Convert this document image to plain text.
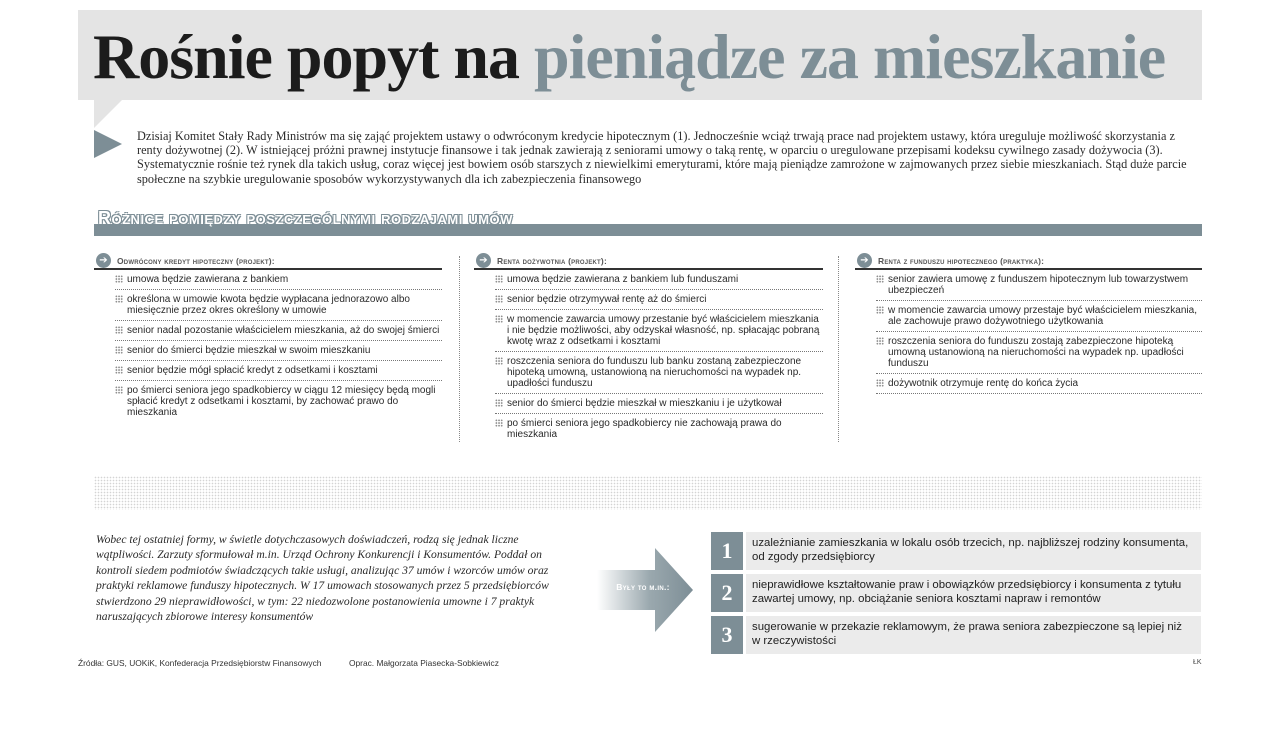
Rośnie popyt na pieniądze za mieszkanie

Dzisiaj Komitet Stały Rady Ministrów ma się zająć projektem ustawy o odwróconym kredycie hipotecznym (1). Jednocześnie wciąż trwają prace nad projektem ustawy, która ureguluje możliwość skorzystania z renty dożywotnej (2). W istniejącej próżni prawnej instytucje finansowe i tak jednak zawierają z seniorami umowy o taką rentę, w oparciu o uregulowane przepisami kodeksu cywilnego zasady dożywocia (3). Systematycznie rośnie też rynek dla takich usług, coraz więcej jest bowiem osób starszych z niewielkimi emeryturami, które mają pieniądze zamrożone w zajmowanych przez siebie mieszkaniach. Stąd duże parcie społeczne na szybkie uregulowanie sposobów wykorzystywanych dla ich zabezpieczenia finansowego

Różnice pomiędzy poszczególnymi rodzajami umów
➔	Odwrócony kredyt hipoteczny (projekt):
umowa będzie zawierana z bankiem
określona w umowie kwota będzie wypłacana jednorazowo albo miesięcznie przez okres określony w umowie
senior nadal pozostanie właścicielem mieszkania, aż do swojej śmierci
senior do śmierci będzie mieszkał w swoim mieszkaniu
senior będzie mógł spłacić kredyt z odsetkami i kosztami
po śmierci seniora jego spadkobiercy w ciągu 12 miesięcy będą mogli spłacić kredyt z odsetkami i kosztami, by zachować prawo do mieszkania
➔	Renta dożywotnia (projekt):
umowa będzie zawierana z bankiem lub funduszami
senior będzie otrzymywał rentę aż do śmierci
w momencie zawarcia umowy przestanie być właścicielem mieszkania i nie będzie możliwości, aby odzyskał własność, np. spłacając pobraną kwotę wraz z odsetkami i kosztami
roszczenia seniora do funduszu lub banku zostaną zabezpieczone hipoteką umowną, ustanowioną na nieruchomości na wypadek np. upadłości funduszu
senior do śmierci będzie mieszkał w mieszkaniu i je użytkował
po śmierci seniora jego spadkobiercy nie zachowają prawa do mieszkania
➔	Renta z funduszu hipotecznego (praktyka):
senior zawiera umowę z funduszem hipotecznym lub towarzystwem ubezpieczeń
w momencie zawarcia umowy przestaje być właścicielem mieszkania, ale zachowuje prawo dożywotniego użytkowania
roszczenia seniora do funduszu zostają zabezpieczone hipoteką umowną ustanowioną na nieruchomości na wypadek np. upadłości funduszu
dożywotnik otrzymuje rentę do końca życia

Wobec tej ostatniej formy, w świetle dotychczasowych doświadczeń, rodzą się jednak liczne wątpliwości. Zarzuty sformułował m.in. Urząd Ochrony Konkurencji i Konsumentów. Poddał on kontroli siedem podmiotów świadczących takie usługi, analizując 37 umów i wzorców umów oraz praktyki reklamowe funduszy hipotecznych. W 17 umowach stosowanych przez 5 przedsiębiorców stwierdzono 29 nieprawidłowości, w tym: 22 niedozwolone postanowienia umowne i 7 praktyk naruszających zbiorowe interesy konsumentów

Były to m.in.:
1	uzależnianie zamieszkania w lokalu osób trzecich, np. najbliższej rodziny konsumenta, od zgody przedsiębiorcy
2	nieprawidłowe kształtowanie praw i obowiązków przedsiębiorcy i konsumenta z tytułu zawartej umowy, np. obciążanie seniora kosztami napraw i remontów
3	sugerowanie w przekazie reklamowym, że prawa seniora zabezpieczone są lepiej niż w rzeczywistości
Źródła: GUS, UOKiK, Konfederacja Przedsiębiorstw Finansowych	Oprac. Małgorzata Piasecka-Sobkiewicz	ŁK
